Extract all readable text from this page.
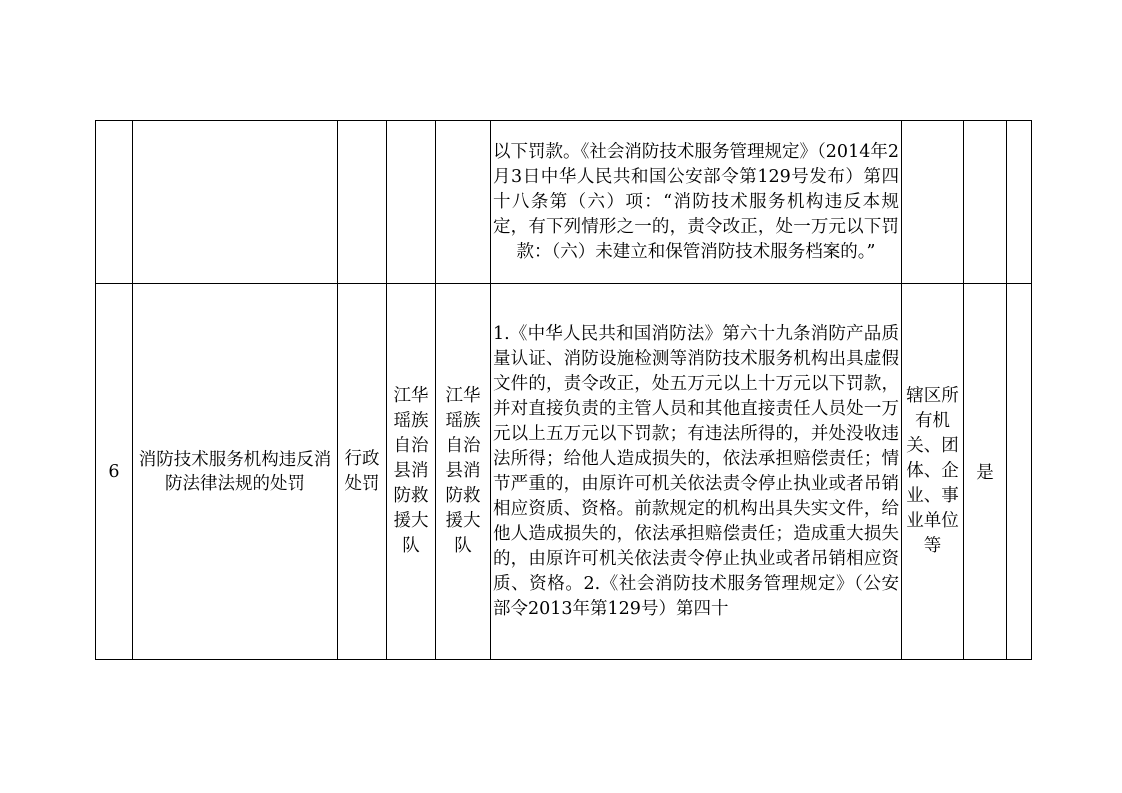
					以下罚款。《社会消防技术服务管理规定》（2014年2月3日中华人民共和国公安部令第129号发布）第四十八条第（六）项：“消防技术服务机构违反本规定，有下列情形之一的，责令改正，处一万元以下罚款：（六）未建立和保管消防技术服务档案的。”			

6	消防技术服务机构违反消防法律法规的处罚	行政处罚	江华瑶族自治县消防救援大队	江华瑶族自治县消防救援大队	1.《中华人民共和国消防法》第六十九条消防产品质量认证、消防设施检测等消防技术服务机构出具虚假文件的，责令改正，处五万元以上十万元以下罚款，并对直接负责的主管人员和其他直接责任人员处一万元以上五万元以下罚款；有违法所得的，并处没收违法所得；给他人造成损失的，依法承担赔偿责任；情节严重的，由原许可机关依法责令停止执业或者吊销相应资质、资格。前款规定的机构出具失实文件，给他人造成损失的，依法承担赔偿责任；造成重大损失的，由原许可机关依法责令停止执业或者吊销相应资质、资格。2.《社会消防技术服务管理规定》（公安部令2013年第129号）第四十	辖区所有机关、团体、企业、事业单位等	是	
